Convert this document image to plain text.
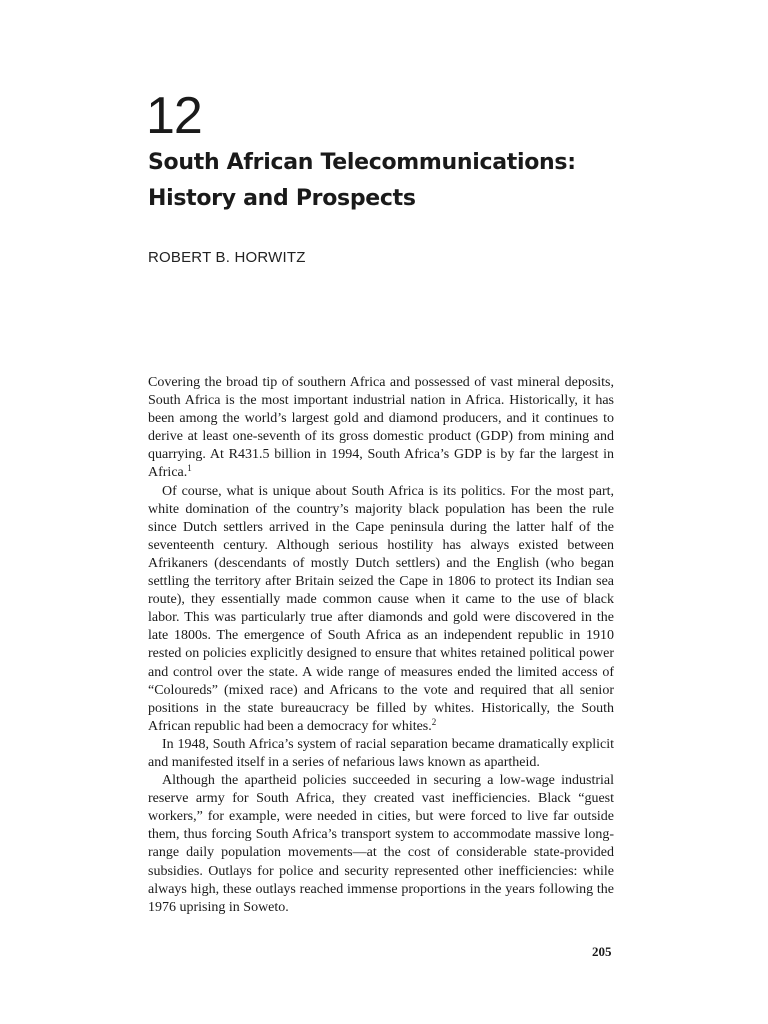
12
South African Telecommunications:
History and Prospects
ROBERT B. HORWITZ

Covering the broad tip of southern Africa and possessed of vast mineral deposits, South Africa is the most important industrial nation in Africa. Historically, it has been among the world’s largest gold and diamond producers, and it continues to derive at least one-seventh of its gross domestic product (GDP) from mining and quarrying. At R431.5 billion in 1994, South Africa’s GDP is by far the largest in Africa.$^1$

Of course, what is unique about South Africa is its politics. For the most part, white domination of the country’s majority black population has been the rule since Dutch settlers arrived in the Cape peninsula during the latter half of the seventeenth century. Although serious hostility has always existed between Afrikaners (descendants of mostly Dutch settlers) and the English (who began settling the territory after Britain seized the Cape in 1806 to protect its Indian sea route), they essentially made common cause when it came to the use of black labor. This was particularly true after diamonds and gold were discovered in the late 1800s. The emergence of South Africa as an independent republic in 1910 rested on policies explicitly designed to ensure that whites retained political power and control over the state. A wide range of measures ended the limited access of “Coloureds” (mixed race) and Africans to the vote and required that all senior positions in the state bureaucracy be filled by whites. Historically, the South African republic had been a democracy for whites.$^2$

In 1948, South Africa’s system of racial separation became dramatically explicit and manifested itself in a series of nefarious laws known as apartheid.

Although the apartheid policies succeeded in securing a low-wage industrial reserve army for South Africa, they created vast inefficiencies. Black “guest workers,” for example, were needed in cities, but were forced to live far outside them, thus forcing South Africa’s transport system to accommodate massive long-range daily population movements—at the cost of considerable state-provided subsidies. Outlays for police and security represented other inefficiencies: while always high, these outlays reached immense proportions in the years following the 1976 uprising in Soweto.

205
